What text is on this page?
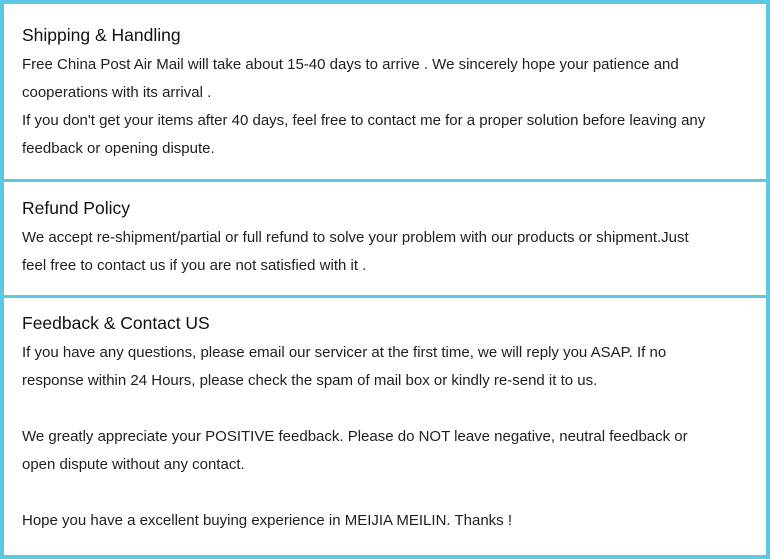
Shipping & Handling

Free China Post Air Mail will take about 15-40 days to arrive . We sincerely hope your patience and

cooperations with its arrival .

If you don't get your items after 40 days, feel free to contact me for a proper solution before leaving any

feedback or opening dispute.

Refund Policy

We accept re-shipment/partial or full refund to solve your problem with our products or shipment.Just

feel free to contact us if you are not satisfied with it .

Feedback & Contact US

If you have any questions, please email our servicer at the first time, we will reply you ASAP. If no

response within 24 Hours, please check the spam of mail box or kindly re-send it to us.

We greatly appreciate your POSITIVE feedback. Please do NOT leave negative, neutral feedback or

open dispute without any contact.

Hope you have a excellent buying experience in MEIJIA MEILIN. Thanks !
